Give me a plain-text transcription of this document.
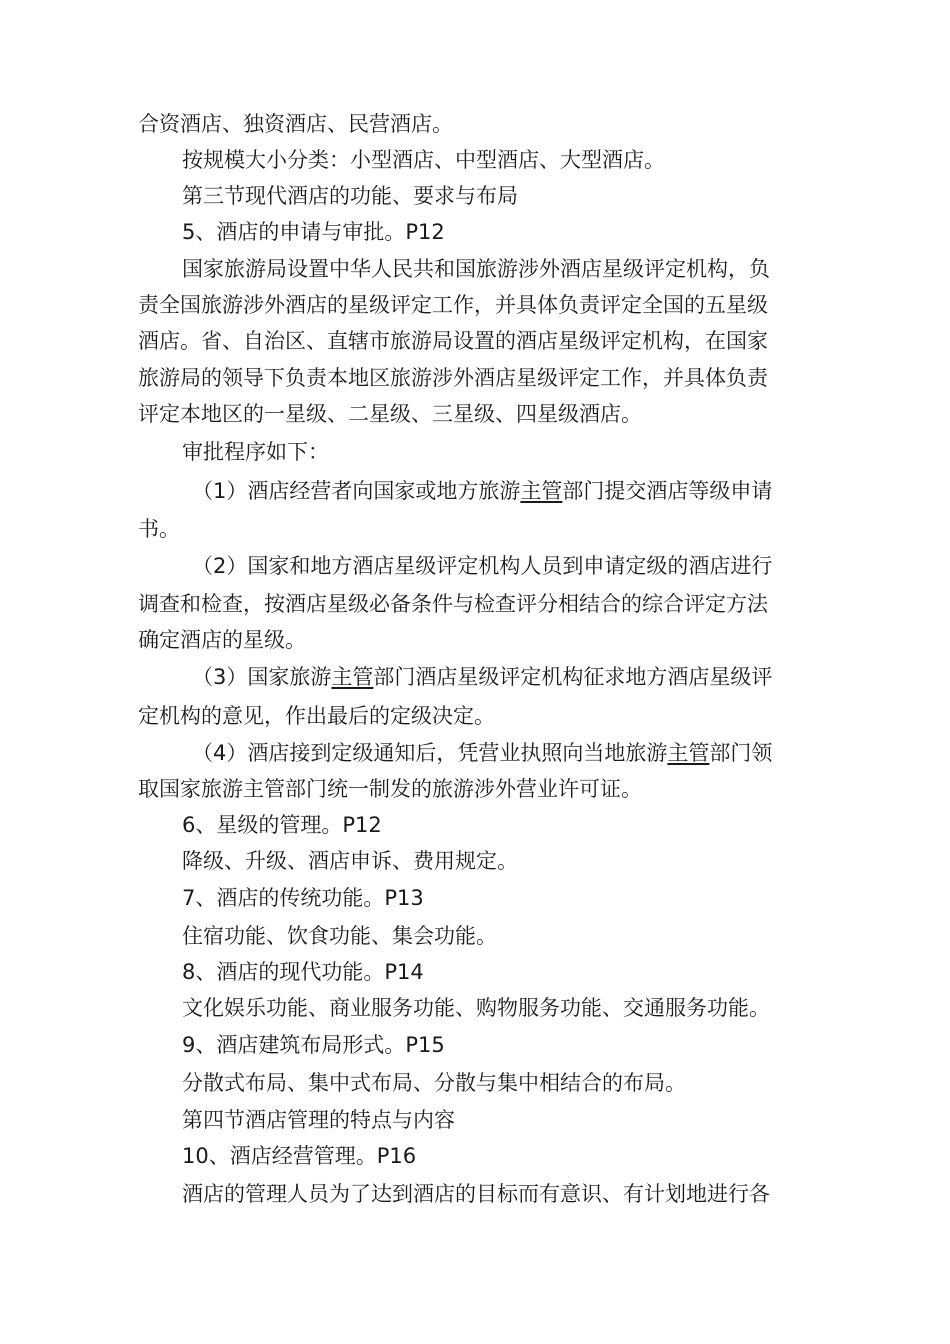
合资酒店、独资酒店、民营酒店。
按规模大小分类：小型酒店、中型酒店、大型酒店。
第三节现代酒店的功能、要求与布局
5、酒店的申请与审批。P12
国家旅游局设置中华人民共和国旅游涉外酒店星级评定机构，负
责全国旅游涉外酒店的星级评定工作，并具体负责评定全国的五星级
酒店。省、自治区、直辖市旅游局设置的酒店星级评定机构，在国家
旅游局的领导下负责本地区旅游涉外酒店星级评定工作，并具体负责
评定本地区的一星级、二星级、三星级、四星级酒店。
审批程序如下：
（1）酒店经营者向国家或地方旅游主管部门提交酒店等级申请
书。
（2）国家和地方酒店星级评定机构人员到申请定级的酒店进行
调查和检查，按酒店星级必备条件与检查评分相结合的综合评定方法
确定酒店的星级。
（3）国家旅游主管部门酒店星级评定机构征求地方酒店星级评
定机构的意见，作出最后的定级决定。
（4）酒店接到定级通知后，凭营业执照向当地旅游主管部门领
取国家旅游主管部门统一制发的旅游涉外营业许可证。
6、星级的管理。P12
降级、升级、酒店申诉、费用规定。
7、酒店的传统功能。P13
住宿功能、饮食功能、集会功能。
8、酒店的现代功能。P14
文化娱乐功能、商业服务功能、购物服务功能、交通服务功能。
9、酒店建筑布局形式。P15
分散式布局、集中式布局、分散与集中相结合的布局。
第四节酒店管理的特点与内容
10、酒店经营管理。P16
酒店的管理人员为了达到酒店的目标而有意识、有计划地进行各
